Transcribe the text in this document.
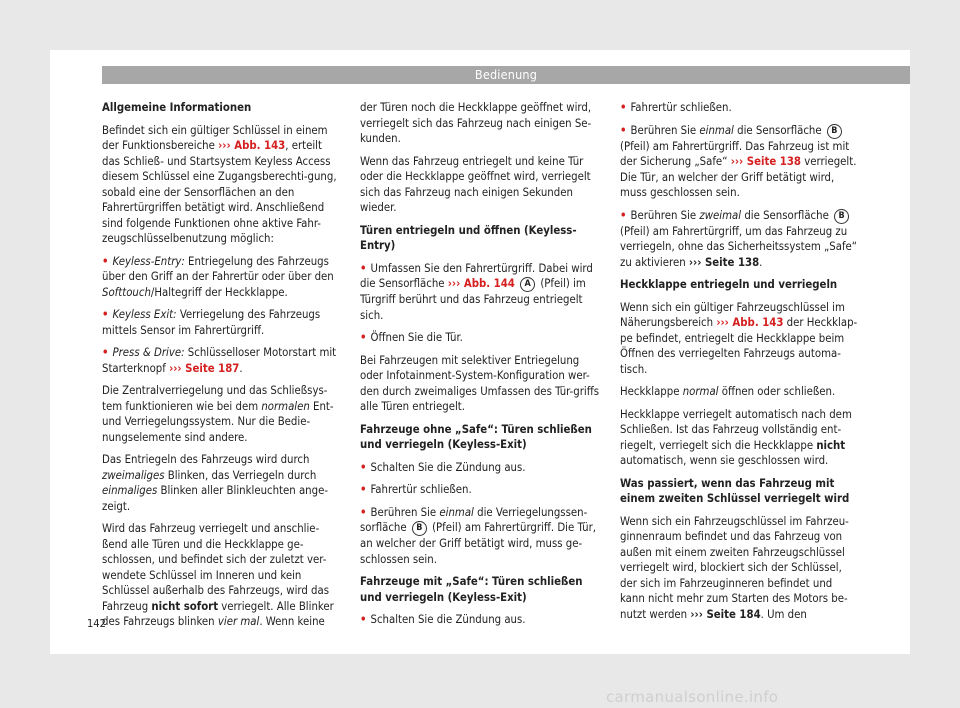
Bedienung

Allgemeine Informationen

Befindet sich ein gültiger Schlüssel in einem der Funktionsbereiche ››› Abb. 143, erteilt das Schließ- und Startsystem Keyless Access diesem Schlüssel eine Zugangsberechti-gung, sobald eine der Sensorflächen an den Fahrertürgriffen betätigt wird. Anschließend sind folgende Funktionen ohne aktive Fahr-zeugschlüsselbenutzung möglich:

• Keyless-Entry: Entriegelung des Fahrzeugs über den Griff an der Fahrertür oder über den Softtouch/Haltegriff der Heckklappe.

• Keyless Exit: Verriegelung des Fahrzeugs mittels Sensor im Fahrertürgriff.

• Press & Drive: Schlüsselloser Motorstart mit Starterknopf ››› Seite 187.

Die Zentralverriegelung und das Schließsys-tem funktionieren wie bei dem normalen Ent- und Verriegelungssystem. Nur die Bedie-nungselemente sind andere.

Das Entriegeln des Fahrzeugs wird durch zweimaliges Blinken, das Verriegeln durch einmaliges Blinken aller Blinkleuchten ange-zeigt.

Wird das Fahrzeug verriegelt und anschlie-ßend alle Türen und die Heckklappe ge-schlossen, und befindet sich der zuletzt ver-wendete Schlüssel im Inneren und kein Schlüssel außerhalb des Fahrzeugs, wird das Fahrzeug nicht sofort verriegelt. Alle Blinker des Fahrzeugs blinken vier mal. Wenn keine

der Türen noch die Heckklappe geöffnet wird, verriegelt sich das Fahrzeug nach einigen Se-kunden.

Wenn das Fahrzeug entriegelt und keine Tür oder die Heckklappe geöffnet wird, verriegelt sich das Fahrzeug nach einigen Sekunden wieder.

Türen entriegeln und öffnen (Keyless-Entry)

• Umfassen Sie den Fahrertürgriff. Dabei wird die Sensorfläche ››› Abb. 144 A (Pfeil) im Türgriff berührt und das Fahrzeug entriegelt sich.

• Öffnen Sie die Tür.

Bei Fahrzeugen mit selektiver Entriegelung oder Infotainment-System-Konfiguration wer-den durch zweimaliges Umfassen des Tür-griffs alle Türen entriegelt.

Fahrzeuge ohne „Safe“: Türen schließen und verriegeln (Keyless-Exit)

• Schalten Sie die Zündung aus.

• Fahrertür schließen.

• Berühren Sie einmal die Verriegelungssen-sorfläche B (Pfeil) am Fahrertürgriff. Die Tür, an welcher der Griff betätigt wird, muss ge-schlossen sein.

Fahrzeuge mit „Safe“: Türen schließen und verriegeln (Keyless-Exit)

• Schalten Sie die Zündung aus.

• Fahrertür schließen.

• Berühren Sie einmal die Sensorfläche B (Pfeil) am Fahrertürgriff. Das Fahrzeug ist mit der Sicherung „Safe“ ››› Seite 138 verriegelt. Die Tür, an welcher der Griff betätigt wird, muss geschlossen sein.

• Berühren Sie zweimal die Sensorfläche B (Pfeil) am Fahrertürgriff, um das Fahrzeug zu verriegeln, ohne das Sicherheitssystem „Safe“ zu aktivieren ››› Seite 138.

Heckklappe entriegeln und verriegeln

Wenn sich ein gültiger Fahrzeugschlüssel im Näherungsbereich ››› Abb. 143 der Heckklap-pe befindet, entriegelt die Heckklappe beim Öffnen des verriegelten Fahrzeugs automa-tisch.

Heckklappe normal öffnen oder schließen.

Heckklappe verriegelt automatisch nach dem Schließen. Ist das Fahrzeug vollständig ent-riegelt, verriegelt sich die Heckklappe nicht automatisch, wenn sie geschlossen wird.

Was passiert, wenn das Fahrzeug mit einem zweiten Schlüssel verriegelt wird

Wenn sich ein Fahrzeugschlüssel im Fahrzeu-ginnenraum befindet und das Fahrzeug von außen mit einem zweiten Fahrzeugschlüssel verriegelt wird, blockiert sich der Schlüssel, der sich im Fahrzeuginneren befindet und kann nicht mehr zum Starten des Motors be-nutzt werden ››› Seite 184. Um den

142
carmanualsonline.info
